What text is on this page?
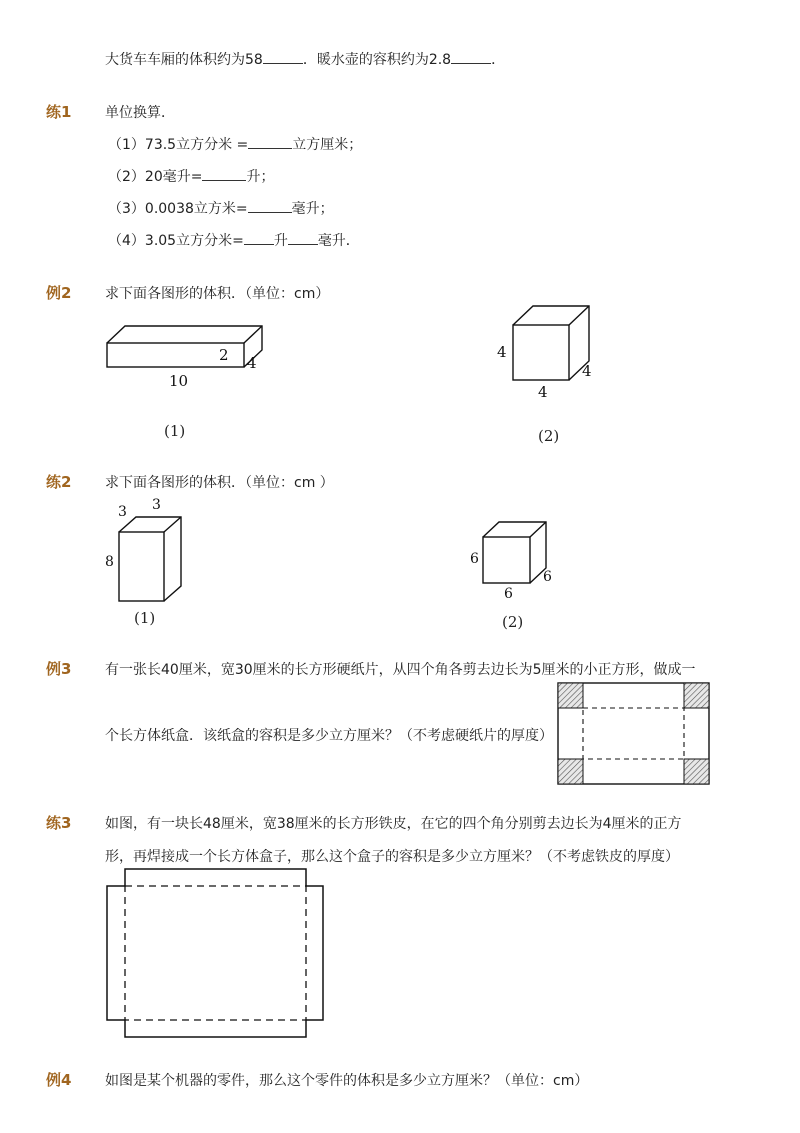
大货车车厢的体积约为58	．暖水壶的容积约为2.8	．
练1 单位换算．
（1）73.5立方分米 =	立方厘米；
（2）20毫升=	升；
（3）0.0038立方米=	毫升；
（4）3.05立方分米= 升 毫升．
例2 求下面各图形的体积．（单位：cm）
2 4
10
(1)
4
4
4
(2)
练2 求下面各图形的体积．（单位：cm ）
3 3
8
(1)
6
6
6
(2)
例3 有一张长40厘米，宽30厘米的长方形硬纸片，从四个角各剪去边长为5厘米的小正方形，做成一
个长方体纸盒．该纸盒的容积是多少立方厘米？（不考虑硬纸片的厚度）
练3 如图，有一块长48厘米，宽38厘米的长方形铁皮，在它的四个角分别剪去边长为4厘米的正方
形，再焊接成一个长方体盒子，那么这个盒子的容积是多少立方厘米？（不考虑铁皮的厚度）
例4 如图是某个机器的零件，那么这个零件的体积是多少立方厘米？（单位：cm）
